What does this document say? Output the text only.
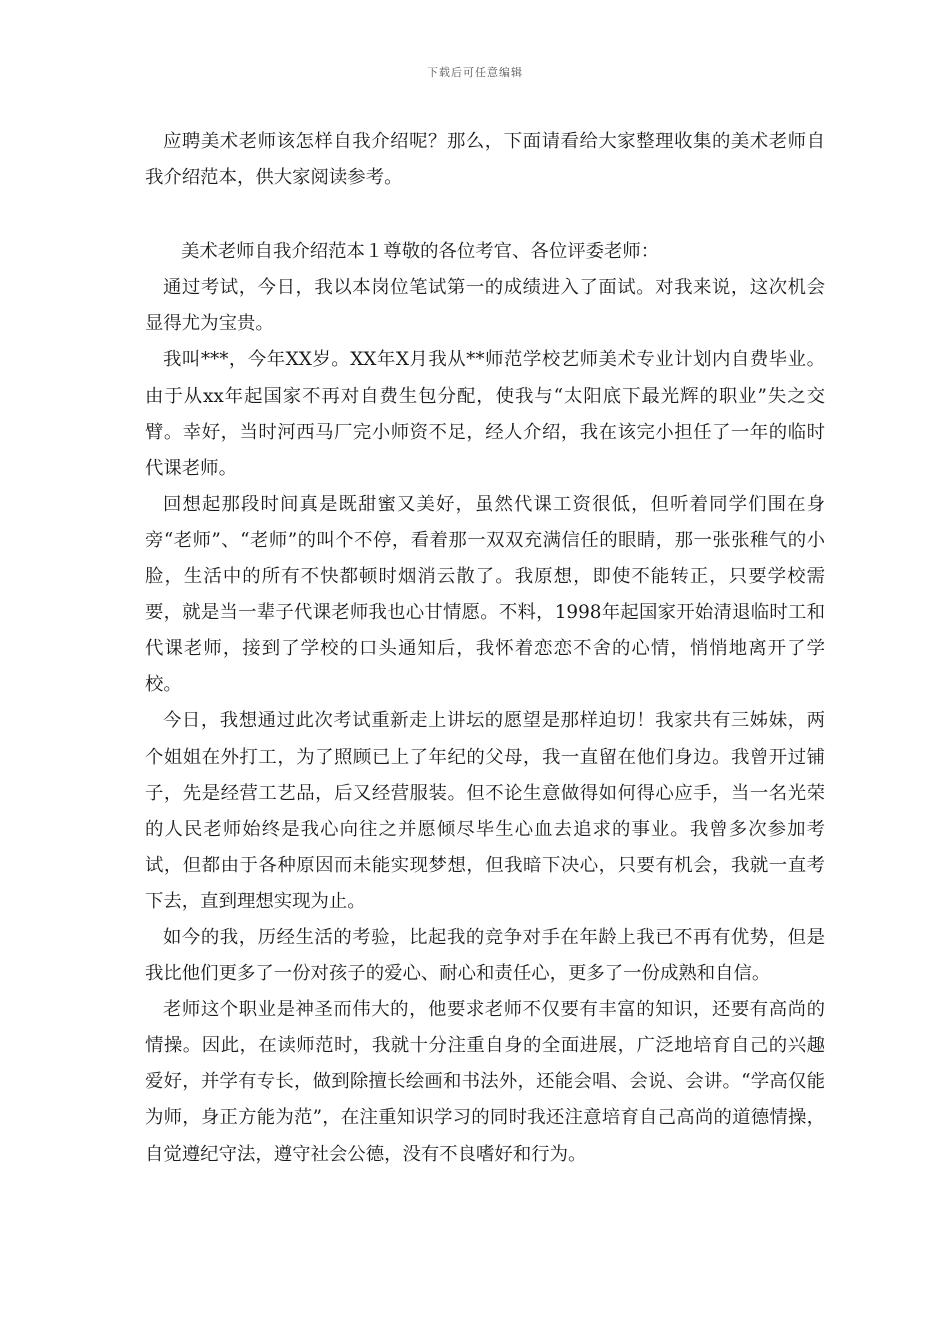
下载后可任意编辑

应聘美术老师该怎样自我介绍呢？那么，下面请看给大家整理收集的美术老师自我介绍范本，供大家阅读参考。

美术老师自我介绍范本１尊敬的各位考官、各位评委老师：

通过考试，今日，我以本岗位笔试第一的成绩进入了面试。对我来说，这次机会显得尤为宝贵。

我叫***，今年XX岁。XX年X月我从**师范学校艺师美术专业计划内自费毕业。由于从xx年起国家不再对自费生包分配，使我与“太阳底下最光辉的职业”失之交臂。幸好，当时河西马厂完小师资不足，经人介绍，我在该完小担任了一年的临时代课老师。

回想起那段时间真是既甜蜜又美好，虽然代课工资很低，但听着同学们围在身旁“老师”、“老师”的叫个不停，看着那一双双充满信任的眼睛，那一张张稚气的小脸，生活中的所有不快都顿时烟消云散了。我原想，即使不能转正，只要学校需要，就是当一辈子代课老师我也心甘情愿。不料，1998年起国家开始清退临时工和代课老师，接到了学校的口头通知后，我怀着恋恋不舍的心情，悄悄地离开了学校。

今日，我想通过此次考试重新走上讲坛的愿望是那样迫切！我家共有三姊妹，两个姐姐在外打工，为了照顾已上了年纪的父母，我一直留在他们身边。我曾开过铺子，先是经营工艺品，后又经营服装。但不论生意做得如何得心应手，当一名光荣的人民老师始终是我心向往之并愿倾尽毕生心血去追求的事业。我曾多次参加考试，但都由于各种原因而未能实现梦想，但我暗下决心，只要有机会，我就一直考下去，直到理想实现为止。

如今的我，历经生活的考验，比起我的竞争对手在年龄上我已不再有优势，但是我比他们更多了一份对孩子的爱心、耐心和责任心，更多了一份成熟和自信。

老师这个职业是神圣而伟大的，他要求老师不仅要有丰富的知识，还要有高尚的情操。因此，在读师范时，我就十分注重自身的全面进展，广泛地培育自己的兴趣爱好，并学有专长，做到除擅长绘画和书法外，还能会唱、会说、会讲。“学高仅能为师，身正方能为范”，在注重知识学习的同时我还注意培育自己高尚的道德情操，自觉遵纪守法，遵守社会公德，没有不良嗜好和行为。
